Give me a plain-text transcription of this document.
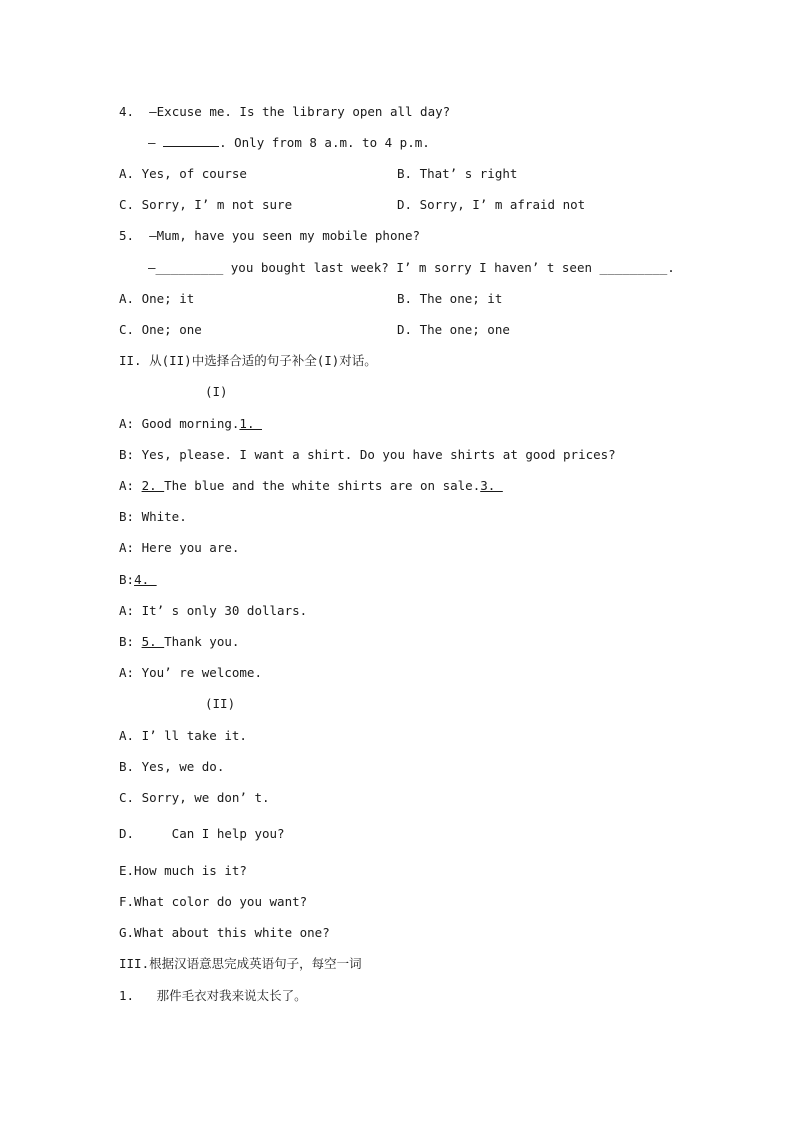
4. —Excuse me. Is the library open all day?
—	. Only from 8 a.m. to 4 p.m.
A. Yes, of course	B. That’ s right
C. Sorry, I’ m not sure	D. Sorry, I’ m afraid not
5. —Mum, have you seen my mobile phone?
—_________ you bought last week? I’ m sorry I haven’ t seen _________.
A. One; it	B. The one; it
C. One; one	D. The one; one
II. 从(II)中选择合适的句子补全(I)对话。
(I)
A: Good morning.1.
B: Yes, please. I want a shirt. Do you have shirts at good prices?
A: 2. The blue and the white shirts are on sale.3.
B: White.
A: Here you are.
B:4.
A: It’ s only 30 dollars.
B: 5. Thank you.
A: You’ re welcome.
(II)
A. I’ ll take it.
B. Yes, we do.
C. Sorry, we don’ t.
D.     Can I help you?
E.How much is it?
F.What color do you want?
G.What about this white one?
III.根据汉语意思完成英语句子，每空一词
1.   那件毛衣对我来说太长了。
